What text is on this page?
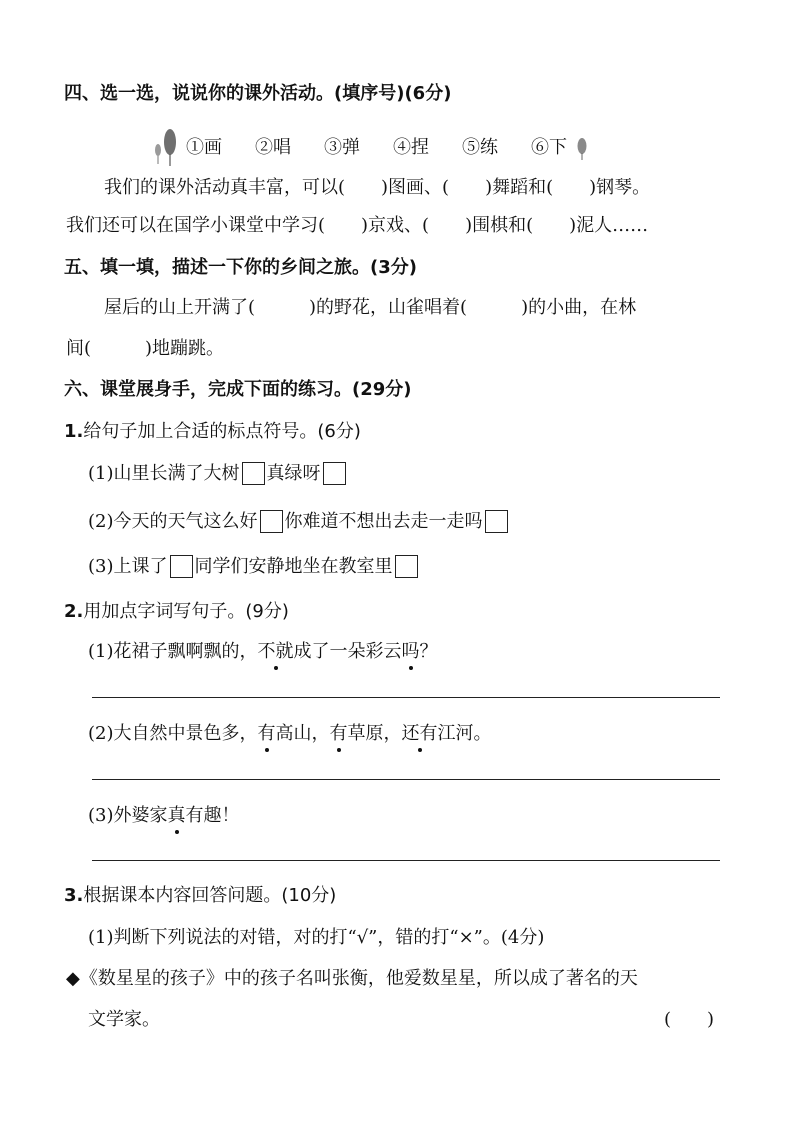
四、选一选，说说你的课外活动。(填序号)(6分)
①画 ②唱 ③弹 ④捏 ⑤练 ⑥下
我们的课外活动真丰富，可以(　　)图画、(　　)舞蹈和(　　)钢琴。
我们还可以在国学小课堂中学习(　　)京戏、(　　)围棋和(　　)泥人……
五、填一填，描述一下你的乡间之旅。(3分)
屋后的山上开满了(　　　)的野花，山雀唱着(　　　)的小曲，在林
间(　　　)地蹦跳。
六、课堂展身手，完成下面的练习。(29分)
1.给句子加上合适的标点符号。(6分)
(1)山里长满了大树 真绿呀
(2)今天的天气这么好 你难道不想出去走一走吗
(3)上课了 同学们安静地坐在教室里
2.用加点字词写句子。(9分)
(1)花裙子飘啊飘的，不就成了一朵彩云吗？
(2)大自然中景色多，有高山，有草原，还有江河。
(3)外婆家真有趣！
3.根据课本内容回答问题。(10分)
(1)判断下列说法的对错，对的打“√”，错的打“×”。(4分)
◆《数星星的孩子》中的孩子名叫张衡，他爱数星星，所以成了著名的天
文学家。	(　　)
